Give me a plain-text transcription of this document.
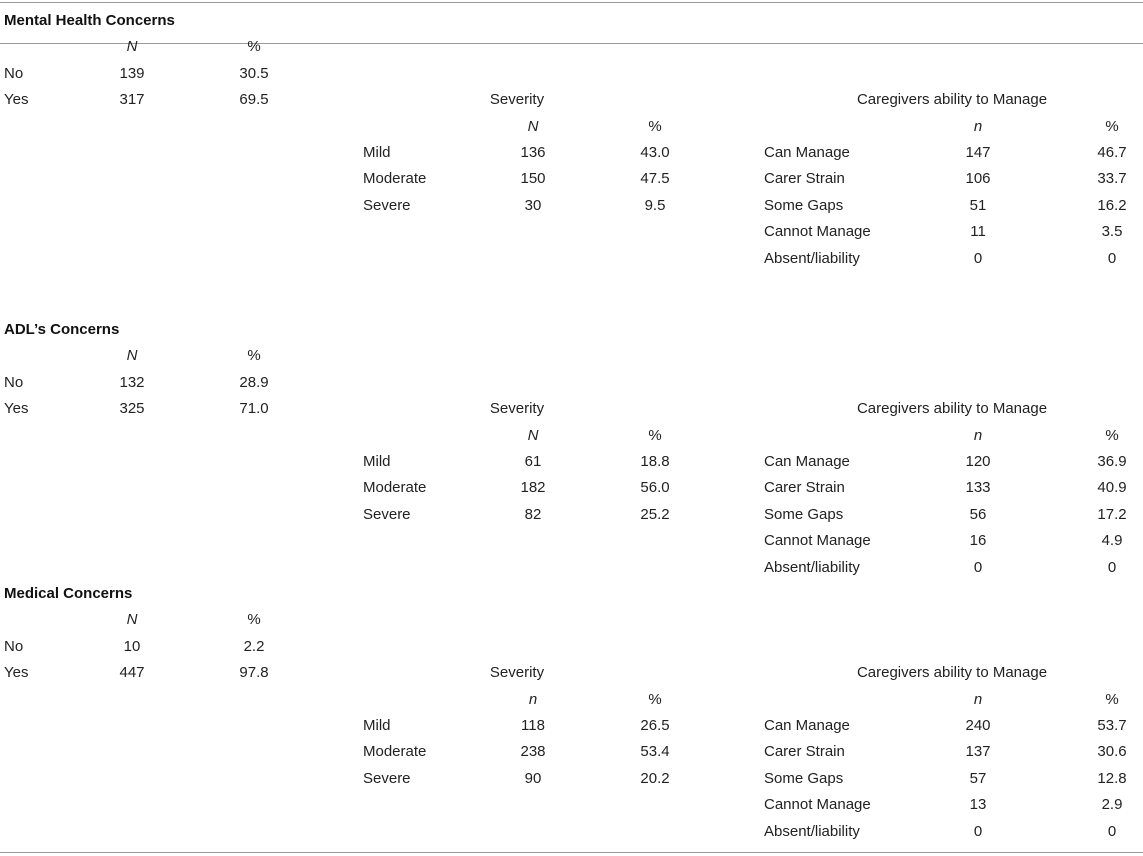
Mental Health Concerns
N	%
No	139	30.5
Yes	317	69.5	Severity
N	%
Mild	136	43.0
Moderate	150	47.5
Severe	30	9.5
Caregivers ability to Manage
n	%
Can Manage	147	46.7
Carer Strain	106	33.7
Some Gaps	51	16.2
Cannot Manage	11	3.5
Absent/liability	0	0
ADL’s Concerns
N	%
No	132	28.9
Yes	325	71.0	Severity
N	%
Mild	61	18.8
Moderate	182	56.0
Severe	82	25.2
Caregivers ability to Manage
n	%
Can Manage	120	36.9
Carer Strain	133	40.9
Some Gaps	56	17.2
Cannot Manage	16	4.9
Absent/liability	0	0
Medical Concerns
N	%
No	10	2.2
Yes	447	97.8	Severity
n	%
Mild	118	26.5
Moderate	238	53.4
Severe	90	20.2
Caregivers ability to Manage
n	%
Can Manage	240	53.7
Carer Strain	137	30.6
Some Gaps	57	12.8
Cannot Manage	13	2.9
Absent/liability	0	0
